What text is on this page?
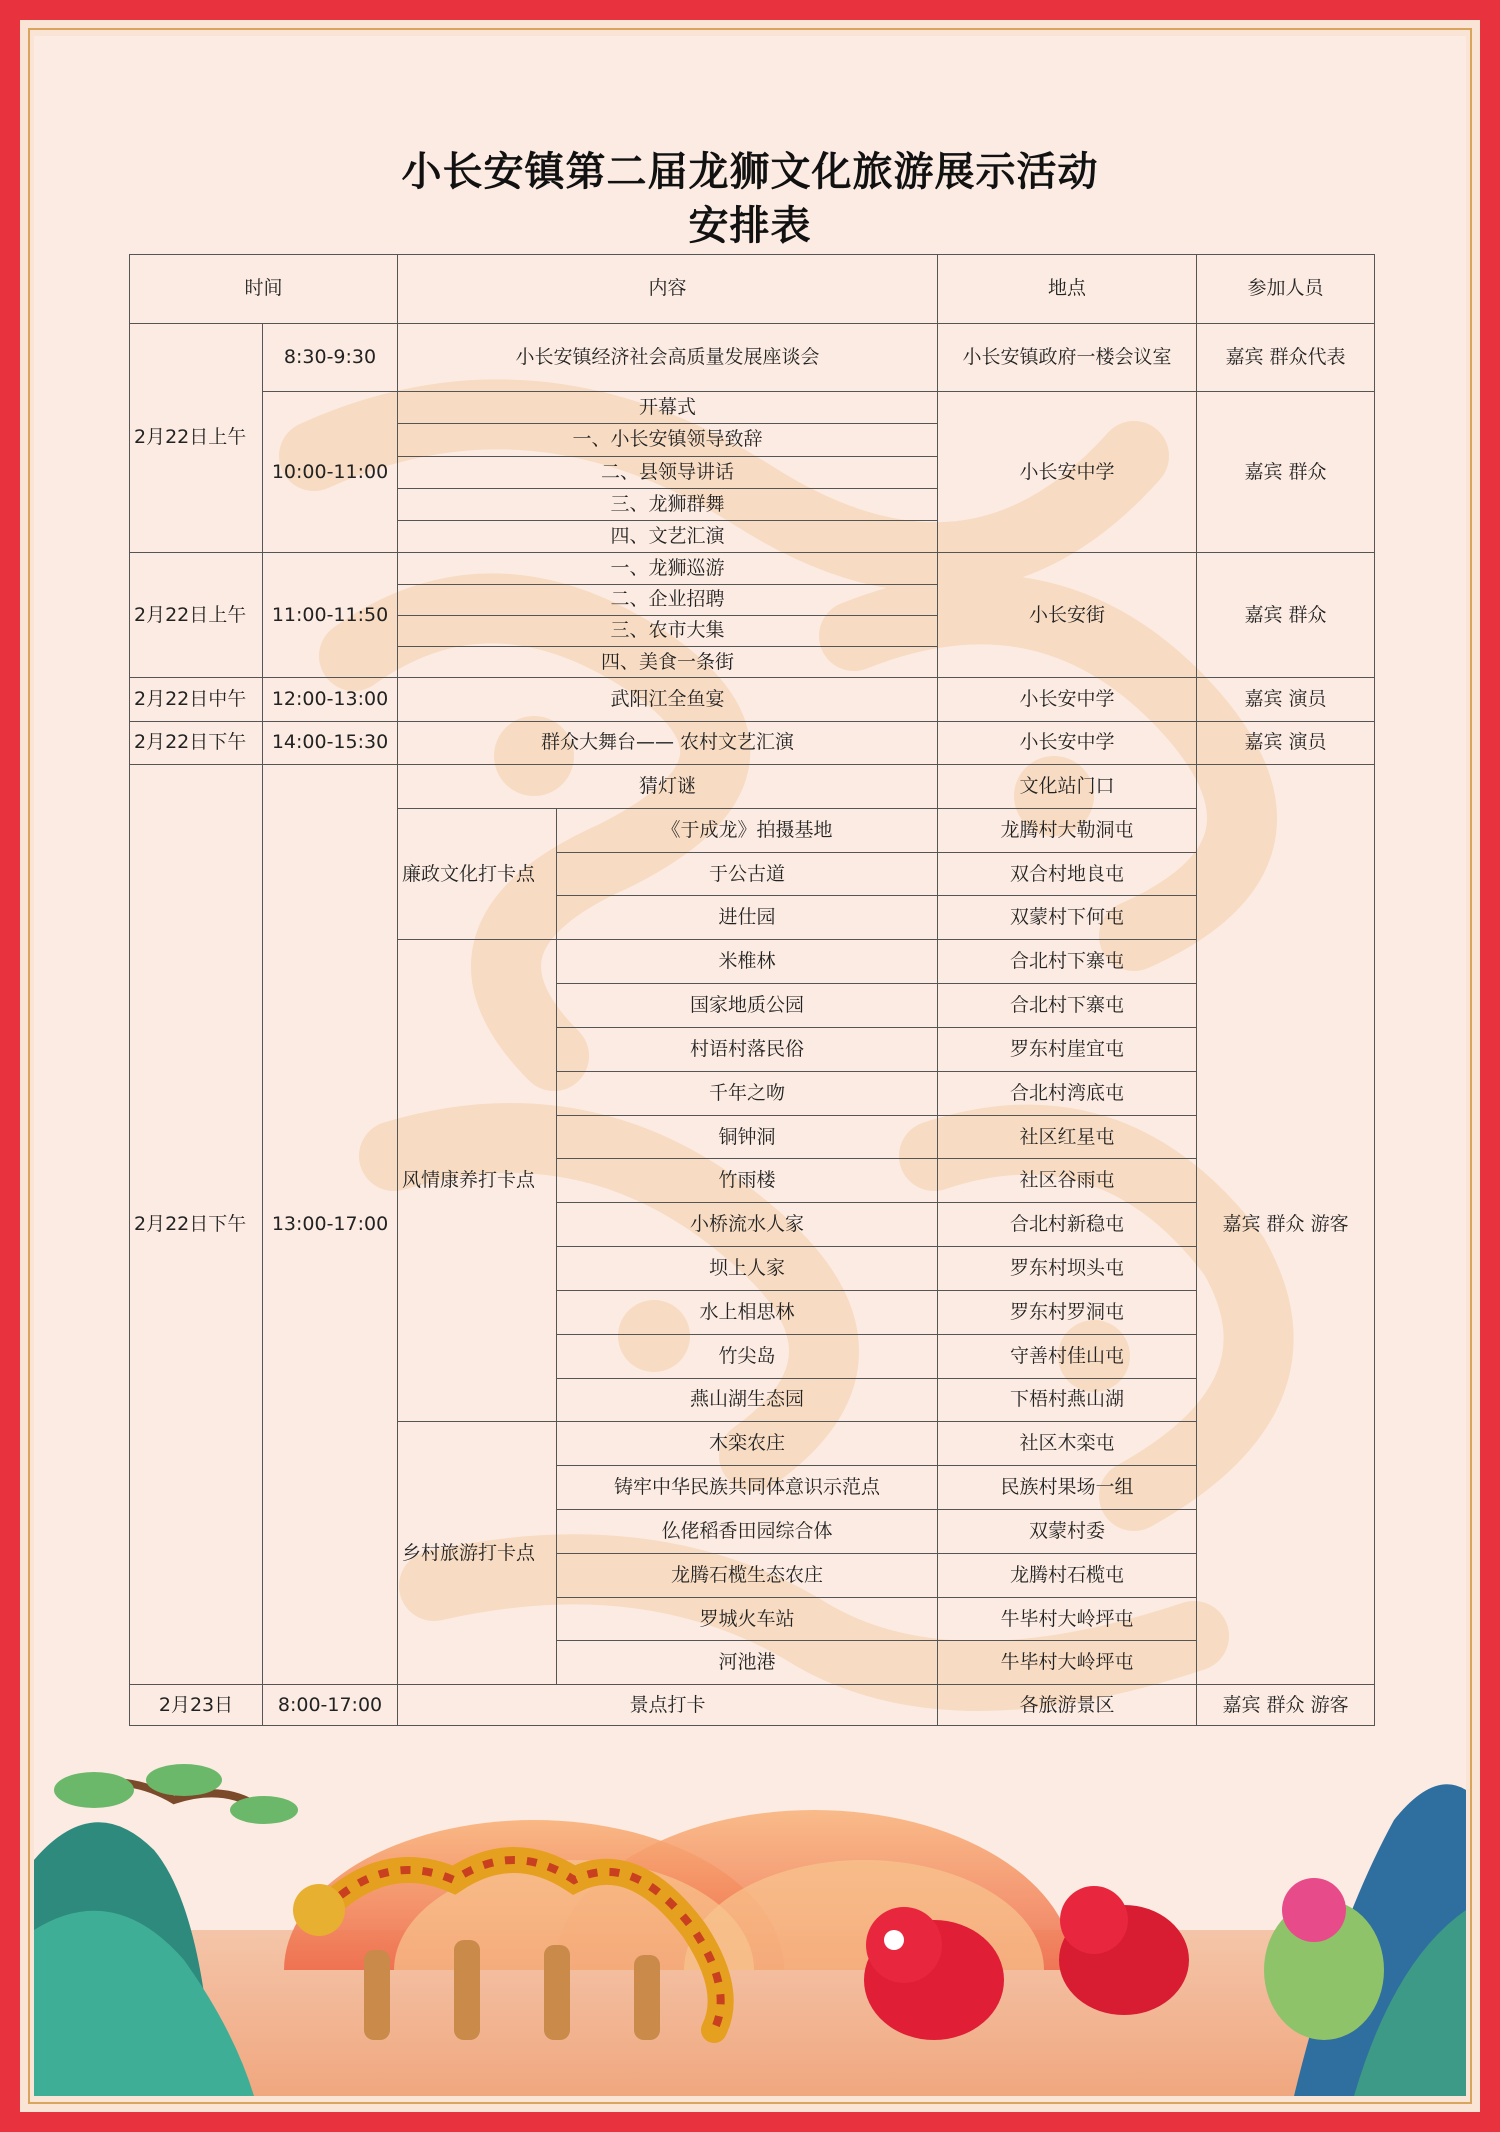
小长安镇第二届龙狮文化旅游展示活动
安排表
时间		内容		地点	参加人员
2月22日上午	8:30-9:30	小长安镇经济社会高质量发展座谈会		小长安镇政府一楼会议室	嘉宾 群众代表
	10:00-11:00	开幕式		小长安中学	嘉宾 群众
		一、小长安镇领导致辞			
		二、县领导讲话			
		三、龙狮群舞			
		四、文艺汇演			
2月22日上午	11:00-11:50	一、龙狮巡游		小长安街	嘉宾 群众
		二、企业招聘			
		三、农市大集			
		四、美食一条街			
2月22日中午	12:00-13:00	武阳江全鱼宴		小长安中学	嘉宾 演员
2月22日下午	14:00-15:30	群众大舞台—— 农村文艺汇演		小长安中学	嘉宾 演员
2月22日下午	13:00-17:00	猜灯谜		文化站门口	嘉宾 群众 游客
		廉政文化打卡点	《于成龙》拍摄基地	龙腾村大勒洞屯	
			于公古道	双合村地良屯	
			进仕园	双蒙村下何屯	
		风情康养打卡点	米椎林	合北村下寨屯	
			国家地质公园	合北村下寨屯	
			村语村落民俗	罗东村崖宜屯	
			千年之吻	合北村湾底屯	
			铜钟洞	社区红星屯	
			竹雨楼	社区谷雨屯	
			小桥流水人家	合北村新稳屯	
			坝上人家	罗东村坝头屯	
			水上相思林	罗东村罗洞屯	
			竹尖岛	守善村佳山屯	
			燕山湖生态园	下梧村燕山湖	
		乡村旅游打卡点	木栾农庄	社区木栾屯	
			铸牢中华民族共同体意识示范点	民族村果场一组	
			仫佬稻香田园综合体	双蒙村委	
			龙腾石榄生态农庄	龙腾村石榄屯	
			罗城火车站	牛毕村大岭坪屯	
			河池港	牛毕村大岭坪屯	
2月23日	8:00-17:00	景点打卡		各旅游景区	嘉宾 群众 游客
